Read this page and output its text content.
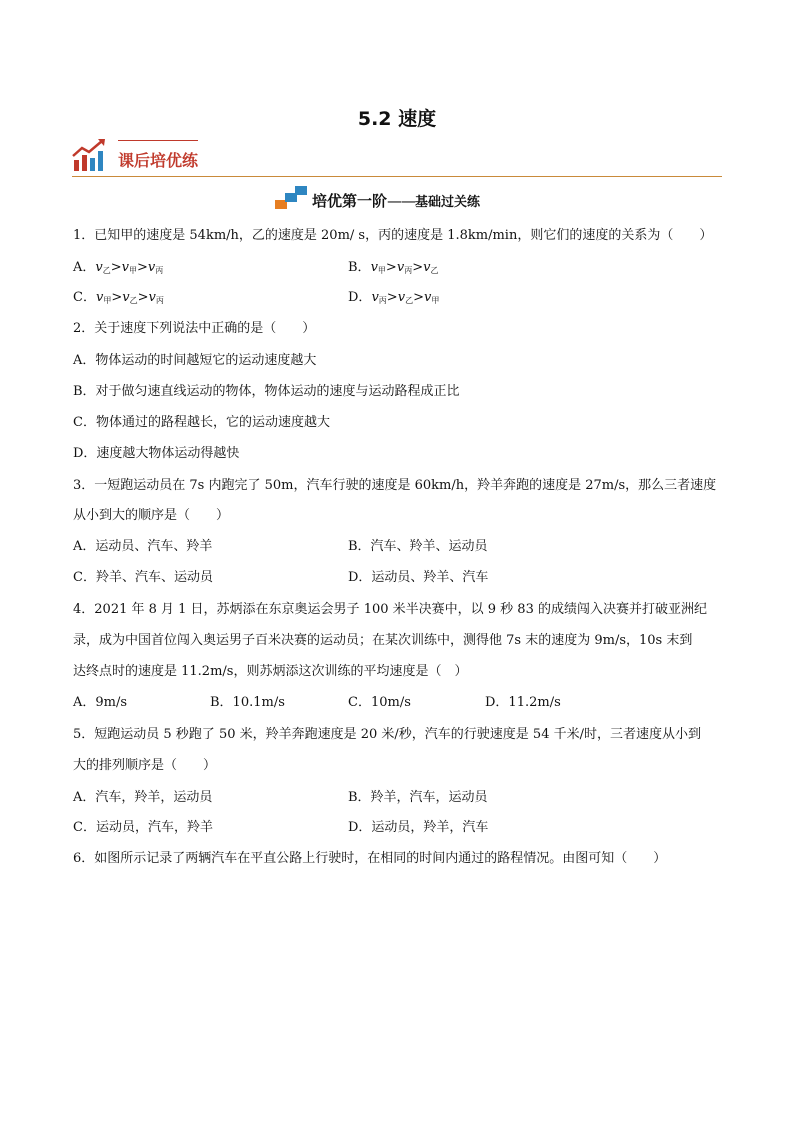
5.2 速度
课后培优练
培优第一阶——基础过关练
1．已知甲的速度是 54km/h，乙的速度是 20m/ s，丙的速度是 1.8km/min，则它们的速度的关系为（　　）
A．v乙>v甲>v丙	B．v甲>v丙>v乙
C．v甲>v乙>v丙	D．v丙>v乙>v甲
2．关于速度下列说法中正确的是（　　）
A．物体运动的时间越短它的运动速度越大
B．对于做匀速直线运动的物体，物体运动的速度与运动路程成正比
C．物体通过的路程越长，它的运动速度越大
D．速度越大物体运动得越快
3．一短跑运动员在 7s 内跑完了 50m，汽车行驶的速度是 60km/h，羚羊奔跑的速度是 27m/s，那么三者速度
从小到大的顺序是（　　）
A．运动员、汽车、羚羊	B．汽车、羚羊、运动员
C．羚羊、汽车、运动员	D．运动员、羚羊、汽车
4．2021 年 8 月 1 日，苏炳添在东京奥运会男子 100 米半决赛中，以 9 秒 83 的成绩闯入决赛并打破亚洲纪
录，成为中国首位闯入奥运男子百米决赛的运动员；在某次训练中，测得他 7s 末的速度为 9m/s，10s 末到
达终点时的速度是 11.2m/s，则苏炳添这次训练的平均速度是（　）
A．9m/s	B．10.1m/s	C．10m/s	D．11.2m/s
5．短跑运动员 5 秒跑了 50 米，羚羊奔跑速度是 20 米/秒，汽车的行驶速度是 54 千米/时，三者速度从小到
大的排列顺序是（　　）
A．汽车，羚羊，运动员	B．羚羊，汽车，运动员
C．运动员，汽车，羚羊	D．运动员，羚羊，汽车
6．如图所示记录了两辆汽车在平直公路上行驶时，在相同的时间内通过的路程情况。由图可知（　　）
